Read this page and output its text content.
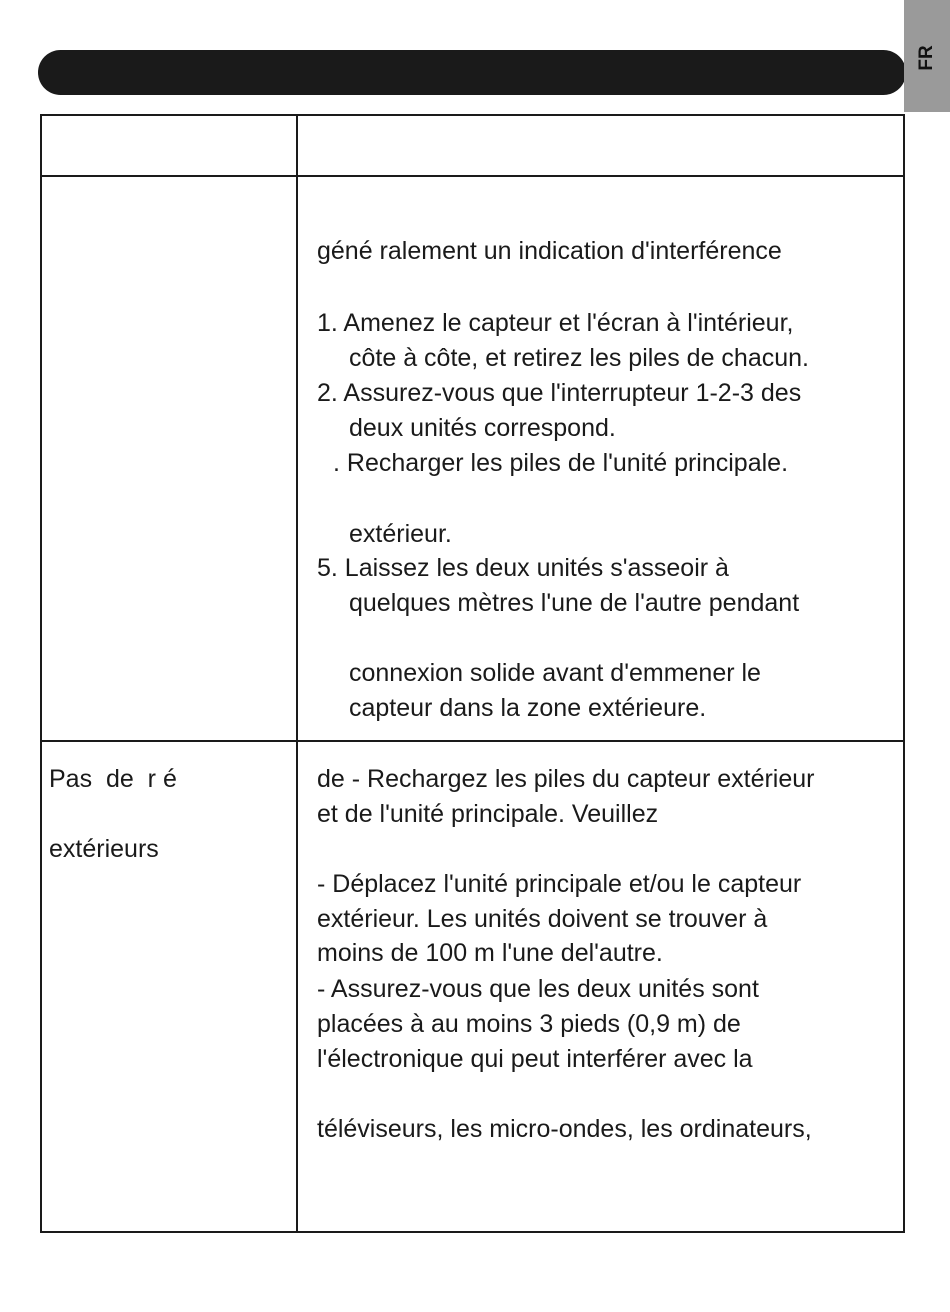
FR
géné ralement un indication d'interférence
1. Amenez le capteur et l'écran à l'intérieur,
côte à côte, et retirez les piles de chacun.
2. Assurez-vous que l'interrupteur 1-2-3 des
deux unités correspond.
. Recharger les piles de l'unité principale.
extérieur.
5. Laissez les deux unités s'asseoir à
quelques mètres l'une de l'autre pendant
connexion solide avant d'emmener le
capteur dans la zone extérieure.
Pas  de  r é
extérieurs
de - Rechargez les piles du capteur extérieur
et de l'unité principale. Veuillez
- Déplacez l'unité principale et/ou le capteur
extérieur. Les unités doivent se trouver à
moins de 100 m l'une del'autre.
- Assurez-vous que les deux unités sont
placées à au moins 3 pieds (0,9 m) de
l'électronique qui peut interférer avec la
téléviseurs, les micro-ondes, les ordinateurs,
